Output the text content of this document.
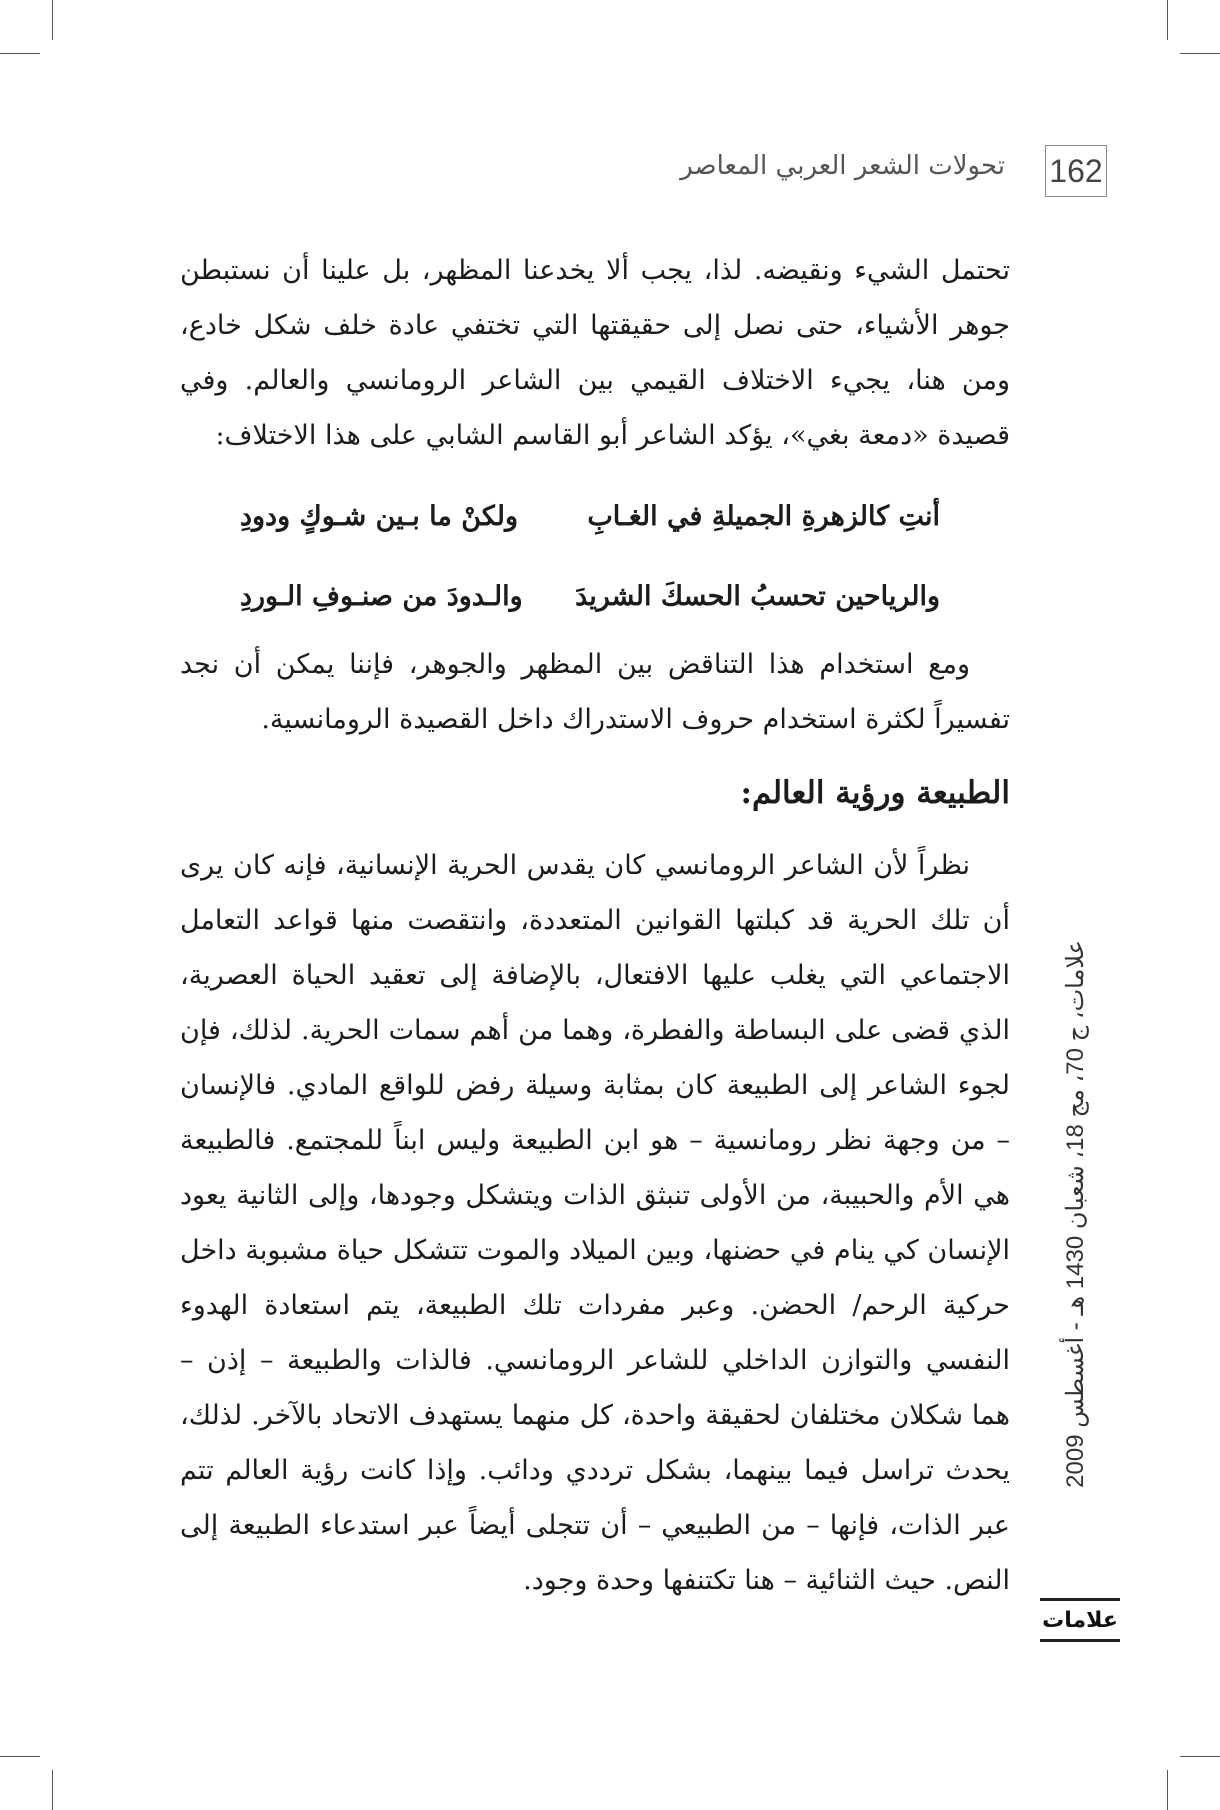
162
تحولات الشعر العربي المعاصر

تحتمل الشيء ونقيضه. لذا، يجب ألا يخدعنا المظهر، بل علينا أن نستبطن جوهر الأشياء، حتى نصل إلى حقيقتها التي تختفي عادة خلف شكل خادع، ومن هنا، يجيء الاختلاف القيمي بين الشاعر الرومانسي والعالم. وفي قصيدة «دمعة بغي»، يؤكد الشاعر أبو القاسم الشابي على هذا الاختلاف:

أنتِ كالزهرةِ الجميلةِ في الغـابِ
ولكنْ ما بـين شـوكٍ ودودِ
والرياحين تحسبُ الحسكَ الشريدَ
والـدودَ من صنـوفِ الـوردِ

ومع استخدام هذا التناقض بين المظهر والجوهر، فإننا يمكن أن نجد تفسيراً لكثرة استخدام حروف الاستدراك داخل القصيدة الرومانسية.

الطبيعة ورؤية العالم:

نظراً لأن الشاعر الرومانسي كان يقدس الحرية الإنسانية، فإنه كان يرى أن تلك الحرية قد كبلتها القوانين المتعددة، وانتقصت منها قواعد التعامل الاجتماعي التي يغلب عليها الافتعال، بالإضافة إلى تعقيد الحياة العصرية، الذي قضى على البساطة والفطرة، وهما من أهم سمات الحرية. لذلك، فإن لجوء الشاعر إلى الطبيعة كان بمثابة وسيلة رفض للواقع المادي. فالإنسان – من وجهة نظر رومانسية – هو ابن الطبيعة وليس ابناً للمجتمع. فالطبيعة هي الأم والحبيبة، من الأولى تنبثق الذات ويتشكل وجودها، وإلى الثانية يعود الإنسان كي ينام في حضنها، وبين الميلاد والموت تتشكل حياة مشبوبة داخل حركية الرحم/ الحضن. وعبر مفردات تلك الطبيعة، يتم استعادة الهدوء النفسي والتوازن الداخلي للشاعر الرومانسي. فالذات والطبيعة – إذن – هما شكلان مختلفان لحقيقة واحدة، كل منهما يستهدف الاتحاد بالآخر. لذلك، يحدث تراسل فيما بينهما، بشكل ترددي ودائب. وإذا كانت رؤية العالم تتم عبر الذات، فإنها – من الطبيعي – أن تتجلى أيضاً عبر استدعاء الطبيعة إلى النص. حيث الثنائية – هنا تكتنفها وحدة وجود.

علامات، ج 70، مج 18، شعبان 1430 هـ - أغسطس 2009
علامات
